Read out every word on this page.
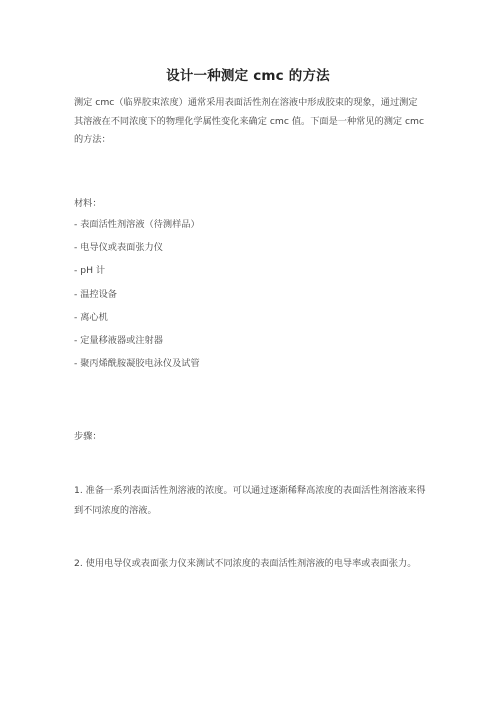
设计一种测定 cmc 的方法
测定 cmc（临界胶束浓度）通常采用表面活性剂在溶液中形成胶束的现象，通过测定其溶液在不同浓度下的物理化学属性变化来确定 cmc 值。下面是一种常见的测定 cmc 的方法：
材料：
- 表面活性剂溶液（待测样品）
- 电导仪或表面张力仪
- pH 计
- 温控设备
- 离心机
- 定量移液器或注射器
- 聚丙烯酰胺凝胶电泳仪及试管
步骤：
1. 准备一系列表面活性剂溶液的浓度。可以通过逐渐稀释高浓度的表面活性剂溶液来得到不同浓度的溶液。
2. 使用电导仪或表面张力仪来测试不同浓度的表面活性剂溶液的电导率或表面张力。
